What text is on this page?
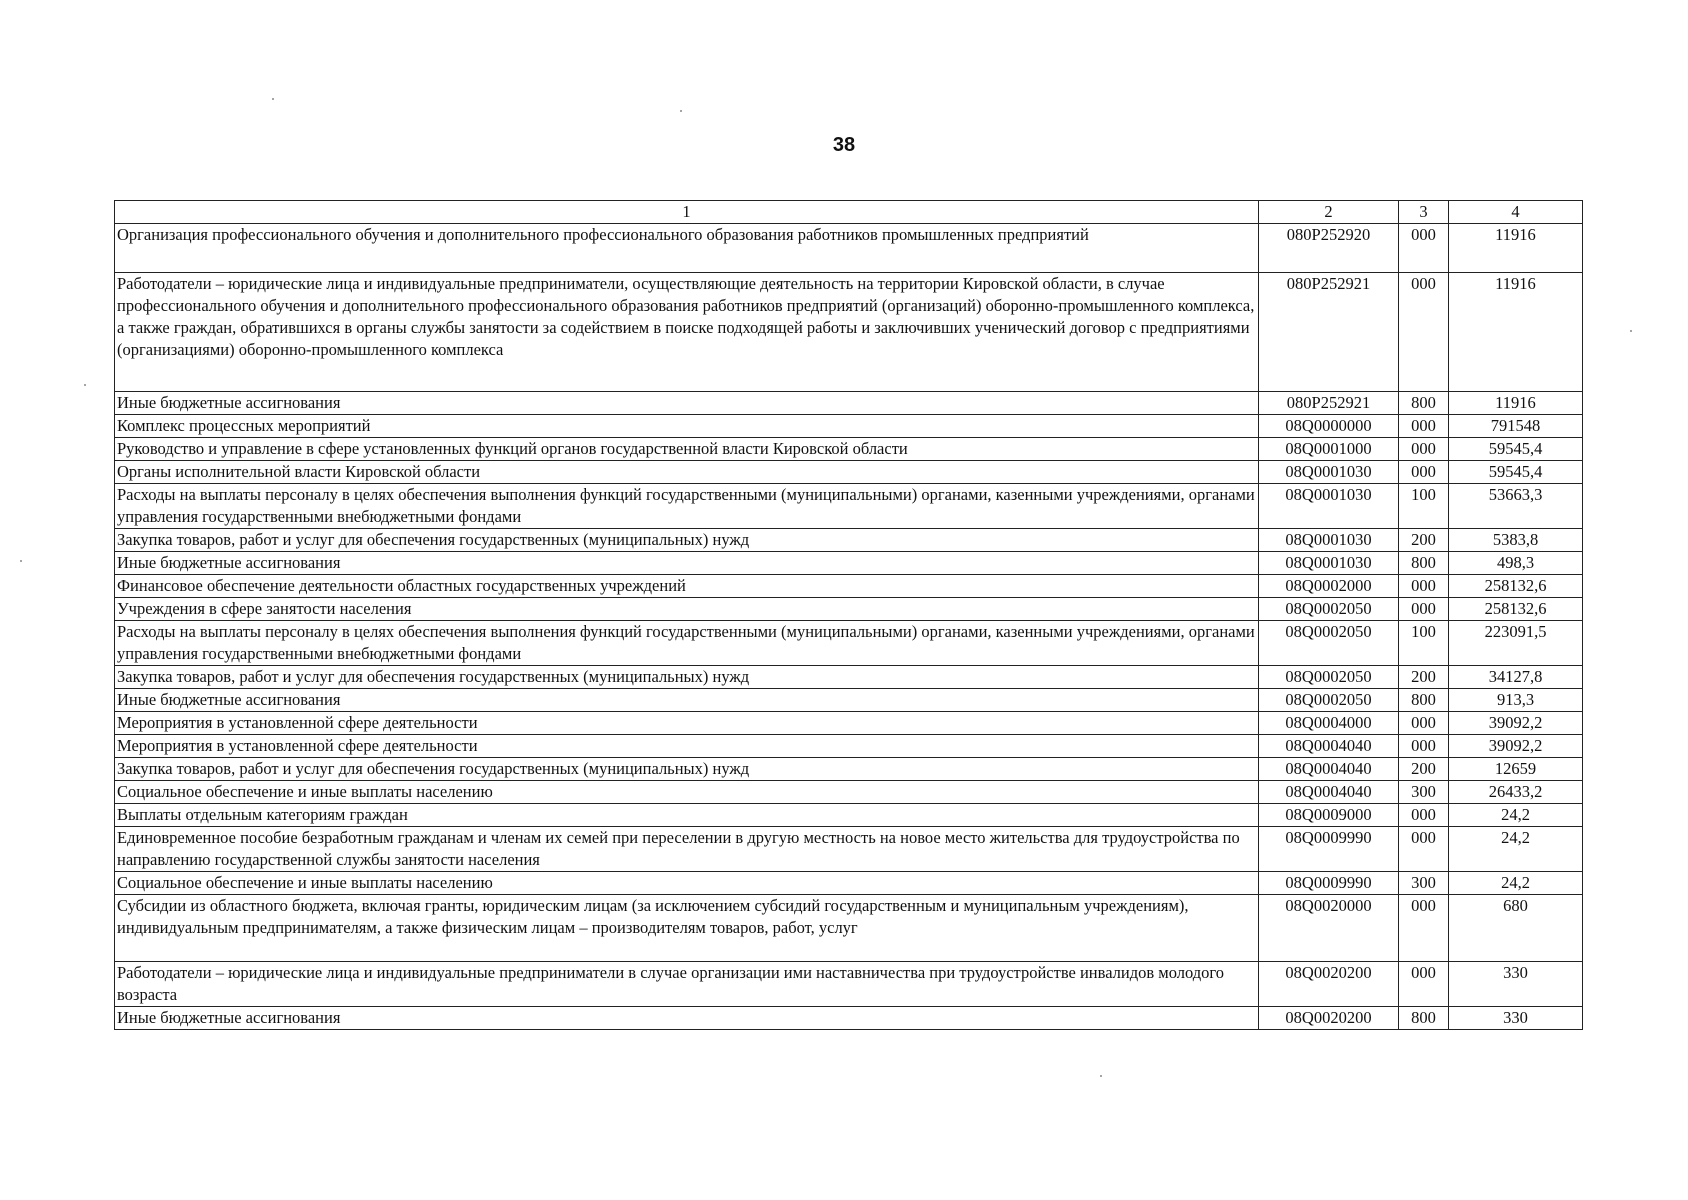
38
1	2	3	4
Организация профессионального обучения и дополнительного профессионального образования работников промышленных предприятий	080P252920	000	11916
Работодатели – юридические лица и индивидуальные предприниматели, осуществляющие деятельность на территории Кировской области, в случае профессионального обучения и дополнительного профессионального образования работников предприятий (организаций) оборонно-промышленного комплекса, а также граждан, обратившихся в органы службы занятости за содействием в поиске подходящей работы и заключивших ученический договор с предприятиями (организациями) оборонно-промышленного комплекса	080P252921	000	11916
Иные бюджетные ассигнования	080P252921	800	11916
Комплекс процессных мероприятий	08Q0000000	000	791548
Руководство и управление в сфере установленных функций органов государственной власти Кировской области	08Q0001000	000	59545,4
Органы исполнительной власти Кировской области	08Q0001030	000	59545,4
Расходы на выплаты персоналу в целях обеспечения выполнения функций государственными (муниципальными) органами, казенными учреждениями, органами управления государственными внебюджетными фондами	08Q0001030	100	53663,3
Закупка товаров, работ и услуг для обеспечения государственных (муниципальных) нужд	08Q0001030	200	5383,8
Иные бюджетные ассигнования	08Q0001030	800	498,3
Финансовое обеспечение деятельности областных государственных учреждений	08Q0002000	000	258132,6
Учреждения в сфере занятости населения	08Q0002050	000	258132,6
Расходы на выплаты персоналу в целях обеспечения выполнения функций государственными (муниципальными) органами, казенными учреждениями, органами управления государственными внебюджетными фондами	08Q0002050	100	223091,5
Закупка товаров, работ и услуг для обеспечения государственных (муниципальных) нужд	08Q0002050	200	34127,8
Иные бюджетные ассигнования	08Q0002050	800	913,3
Мероприятия в установленной сфере деятельности	08Q0004000	000	39092,2
Мероприятия в установленной сфере деятельности	08Q0004040	000	39092,2
Закупка товаров, работ и услуг для обеспечения государственных (муниципальных) нужд	08Q0004040	200	12659
Социальное обеспечение и иные выплаты населению	08Q0004040	300	26433,2
Выплаты отдельным категориям граждан	08Q0009000	000	24,2
Единовременное пособие безработным гражданам и членам их семей при переселении в другую местность на новое место жительства для трудоустройства по направлению государственной службы занятости населения	08Q0009990	000	24,2
Социальное обеспечение и иные выплаты населению	08Q0009990	300	24,2
Субсидии из областного бюджета, включая гранты, юридическим лицам (за исключением субсидий государственным и муниципальным учреждениям), индивидуальным предпринимателям, а также физическим лицам – производителям товаров, работ, услуг	08Q0020000	000	680
Работодатели – юридические лица и индивидуальные предприниматели в случае организации ими наставничества при трудоустройстве инвалидов молодого возраста	08Q0020200	000	330
Иные бюджетные ассигнования	08Q0020200	800	330
